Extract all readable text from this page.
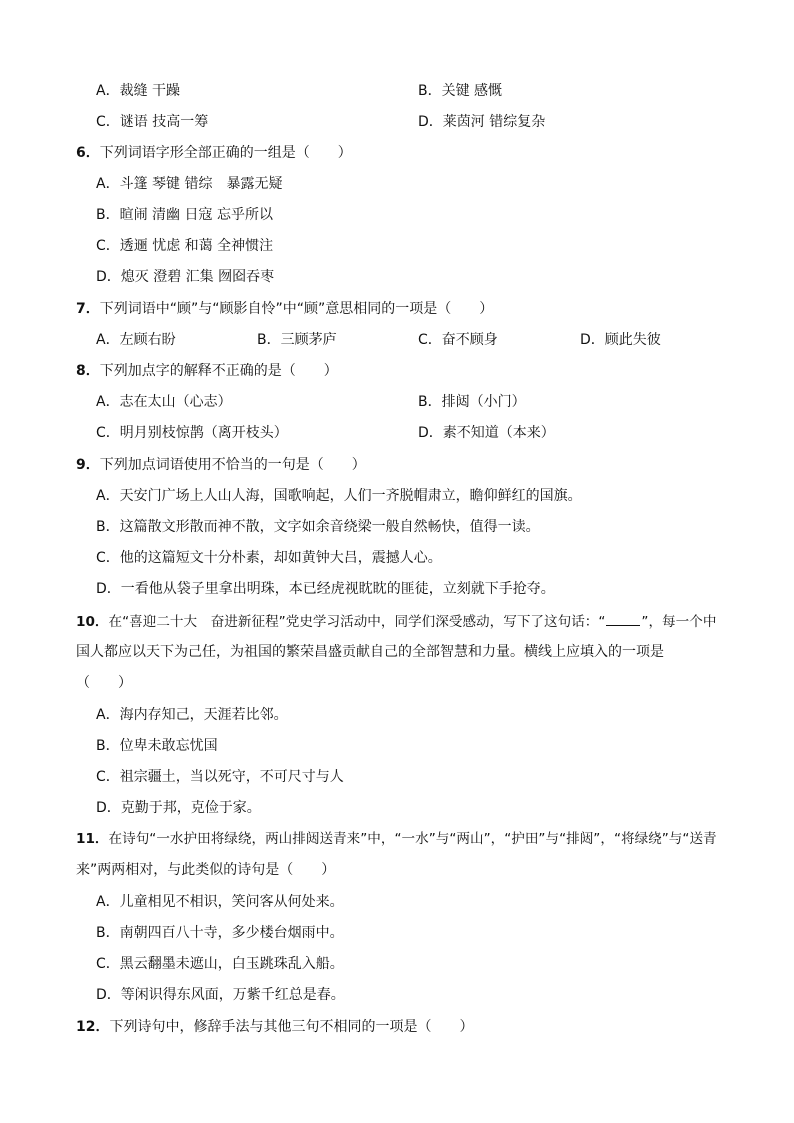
A．裁缝 干躁	B．关键 感慨
C．谜语 技高一筹	D．莱茵河 错综复杂
6．下列词语字形全部正确的一组是（　　）
A．斗篷 琴键 错综　暴露无疑
B．暄闹 清幽 日寇 忘乎所以
C．透逦 忧虑 和蔼 全神惯注
D．熄灭 澄碧 汇集 囫囵吞枣
7．下列词语中“顾”与“顾影自怜”中“顾”意思相同的一项是（　　）
A．左顾右盼	B．三顾茅庐	C．奋不顾身	D．顾此失彼
8．下列加点字的解释不正确的是（　　）
A．志在太山（心志）	B．排闼（小门）
C．明月别枝惊鹊（离开枝头）	D．素不知道（本来）
9．下列加点词语使用不恰当的一句是（　　）
A．天安门广场上人山人海，国歌响起，人们一齐脱帽肃立，瞻仰鲜红的国旗。
B．这篇散文形散而神不散，文字如余音绕梁一般自然畅快，值得一读。
C．他的这篇短文十分朴素，却如黄钟大吕，震撼人心。
D．一看他从袋子里拿出明珠，本已经虎视眈眈的匪徒，立刻就下手抢夺。
10．在“喜迎二十大　奋进新征程”党史学习活动中，同学们深受感动，写下了这句话：“	”，每一个中
国人都应以天下为己任，为祖国的繁荣昌盛贡献自己的全部智慧和力量。横线上应填入的一项是
（　　）
A．海内存知己，天涯若比邻。
B．位卑未敢忘忧国
C．祖宗疆土，当以死守，不可尺寸与人
D．克勤于邦，克俭于家。
11．在诗句“一水护田将绿绕，两山排闼送青来”中，“一水”与“两山”，“护田”与“排闼”，“将绿绕”与“送青
来”两两相对，与此类似的诗句是（　　）
A．儿童相见不相识，笑问客从何处来。
B．南朝四百八十寺，多少楼台烟雨中。
C．黑云翻墨未遮山，白玉跳珠乱入船。
D．等闲识得东风面，万紫千红总是春。
12．下列诗句中，修辞手法与其他三句不相同的一项是（　　）
